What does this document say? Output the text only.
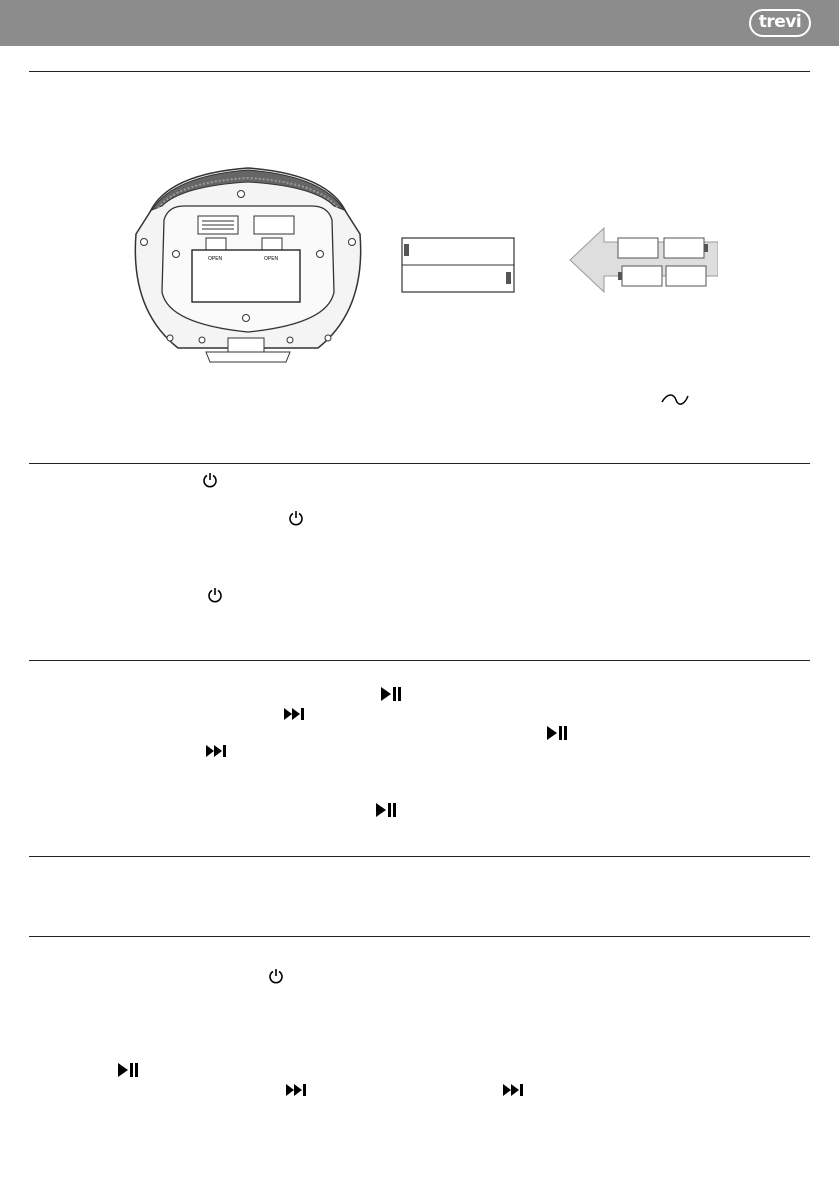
trevi
OPEN	OPEN
